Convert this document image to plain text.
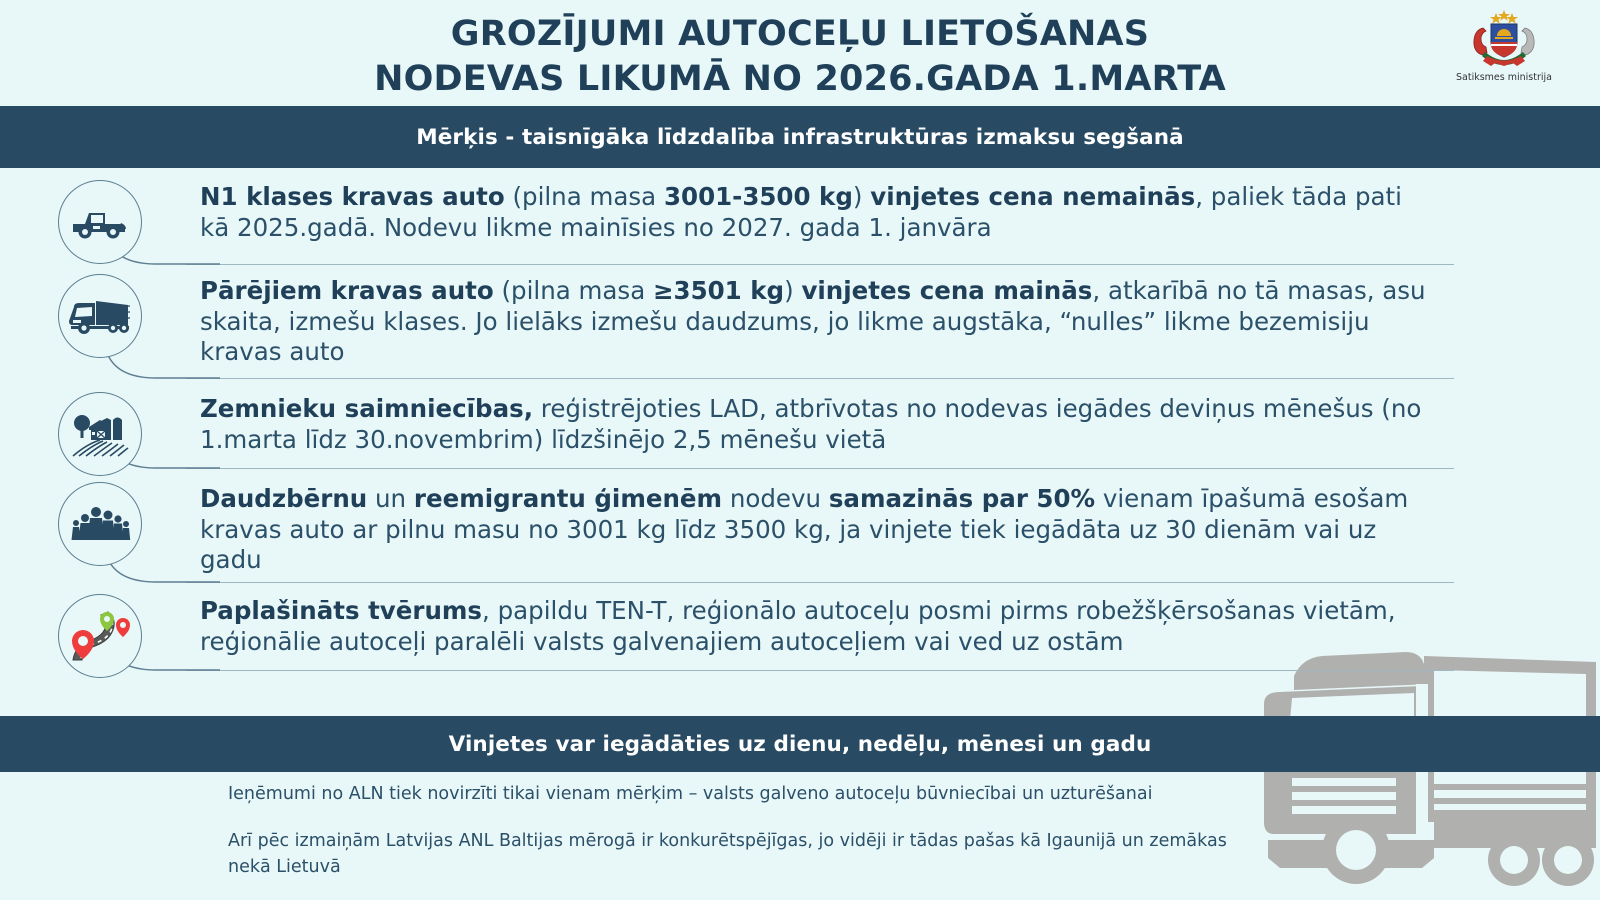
GROZĪJUMI AUTOCEĻU LIETOŠANAS
NODEVAS LIKUMĀ NO 2026.GADA 1.MARTA	Satiksmes ministrija
Mērķis - taisnīgāka līdzdalība infrastruktūras izmaksu segšanā
N1 klases kravas auto (pilna masa 3001-3500 kg) vinjetes cena nemainās, paliek tāda pati kā 2025.gadā. Nodevu likme mainīsies no 2027. gada 1. janvāra
Pārējiem kravas auto (pilna masa ≥3501 kg) vinjetes cena mainās, atkarībā no tā masas, asu skaita, izmešu klases. Jo lielāks izmešu daudzums, jo likme augstāka, “nulles” likme bezemisiju kravas auto
Zemnieku saimniecības, reģistrējoties LAD, atbrīvotas no nodevas iegādes deviņus mēnešus (no 1.marta līdz 30.novembrim) līdzšinējo 2,5 mēnešu vietā
Daudzbērnu un reemigrantu ģimenēm nodevu samazinās par 50% vienam īpašumā esošam kravas auto ar pilnu masu no 3001 kg līdz 3500 kg, ja vinjete tiek iegādāta uz 30 dienām vai uz gadu
Paplašināts tvērums, papildu TEN-T, reģionālo autoceļu posmi pirms robežšķērsošanas vietām, reģionālie autoceļi paralēli valsts galvenajiem autoceļiem vai ved uz ostām
Vinjetes var iegādāties uz dienu, nedēļu, mēnesi un gadu

Ieņēmumi no ALN tiek novirzīti tikai vienam mērķim – valsts galveno autoceļu būvniecībai un uzturēšanai

Arī pēc izmaiņām Latvijas ANL Baltijas mērogā ir konkurētspējīgas, jo vidēji ir tādas pašas kā Igaunijā un zemākas nekā Lietuvā
